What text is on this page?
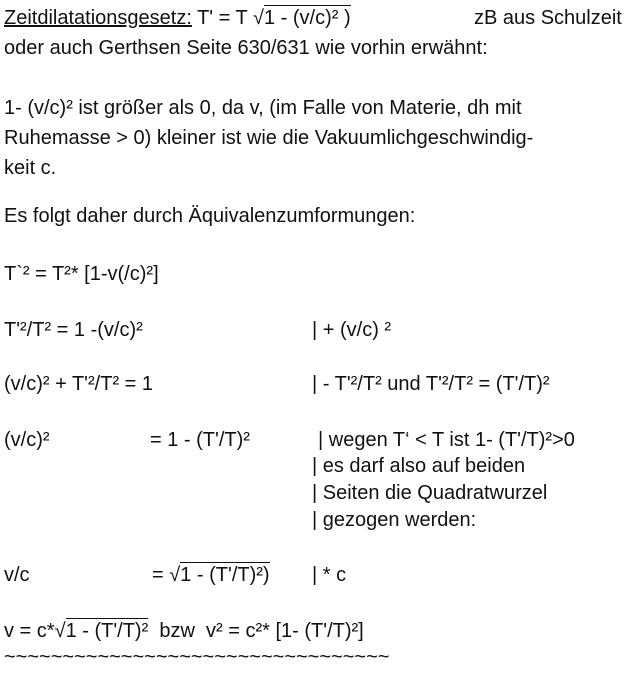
Zeitdilatationsgesetz: T' = T √1 - (v/c)² )	zB aus Schulzeit
oder auch Gerthsen Seite 630/631 wie vorhin erwähnt:
1- (v/c)² ist größer als 0, da v, (im Falle von Materie, dh mit
Ruhemasse > 0) kleiner ist wie die Vakuumlichgeschwindig-
keit c.
Es folgt daher durch Äquivalenzumformungen:
T`² = T²* [1-v(/c)²]
T'²/T² = 1 -(v/c)²	| + (v/c) ²
(v/c)² + T'²/T² = 1	| - T'²/T² und T'²/T² = (T'/T)²
(v/c)²	= 1 - (T'/T)²	| wegen T‘ < T ist 1- (T'/T)²>0
| es darf also auf beiden
| Seiten die Quadratwurzel
| gezogen werden:
v/c	= √1 - (T'/T)²) | * c
v = c*√1 - (T'/T)²  bzw  v² = c²* [1- (T'/T)²]
~~~~~~~~~~~~~~~~~~~~~~~~~~~~~~~~~
